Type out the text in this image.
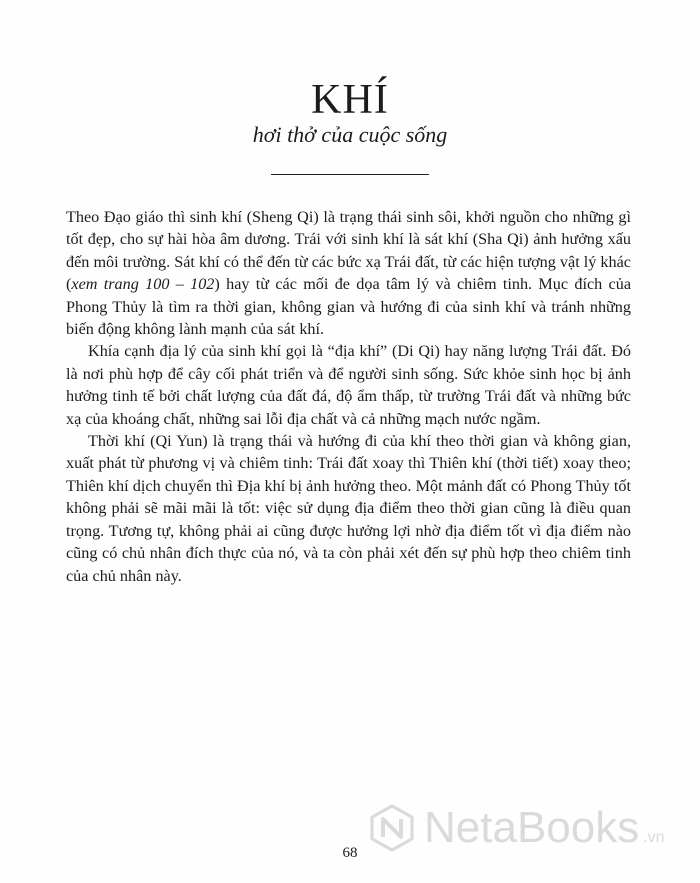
KHÍ
hơi thở của cuộc sống

Theo Đạo giáo thì sinh khí (Sheng Qi) là trạng thái sinh sôi, khởi nguồn cho những gì tốt đẹp, cho sự hài hòa âm dương. Trái với sinh khí là sát khí (Sha Qi) ảnh hưởng xấu đến môi trường. Sát khí có thể đến từ các bức xạ Trái đất, từ các hiện tượng vật lý khác (xem trang 100 – 102) hay từ các mối đe dọa tâm lý và chiêm tinh. Mục đích của Phong Thủy là tìm ra thời gian, không gian và hướng đi của sinh khí và tránh những biến động không lành mạnh của sát khí.

Khía cạnh địa lý của sinh khí gọi là “địa khí” (Di Qi) hay năng lượng Trái đất. Đó là nơi phù hợp để cây cối phát triển và để người sinh sống. Sức khỏe sinh học bị ảnh hưởng tinh tế bởi chất lượng của đất đá, độ ẩm thấp, từ trường Trái đất và những bức xạ của khoáng chất, những sai lỗi địa chất và cả những mạch nước ngầm.

Thời khí (Qi Yun) là trạng thái và hướng đi của khí theo thời gian và không gian, xuất phát từ phương vị và chiêm tinh: Trái đất xoay thì Thiên khí (thời tiết) xoay theo; Thiên khí dịch chuyển thì Địa khí bị ảnh hưởng theo. Một mảnh đất có Phong Thủy tốt không phải sẽ mãi mãi là tốt: việc sử dụng địa điểm theo thời gian cũng là điều quan trọng. Tương tự, không phải ai cũng được hưởng lợi nhờ địa điểm tốt vì địa điểm nào cũng có chủ nhân đích thực của nó, và ta còn phải xét đến sự phù hợp theo chiêm tinh của chủ nhân này.

68
NetaBooks .vn
